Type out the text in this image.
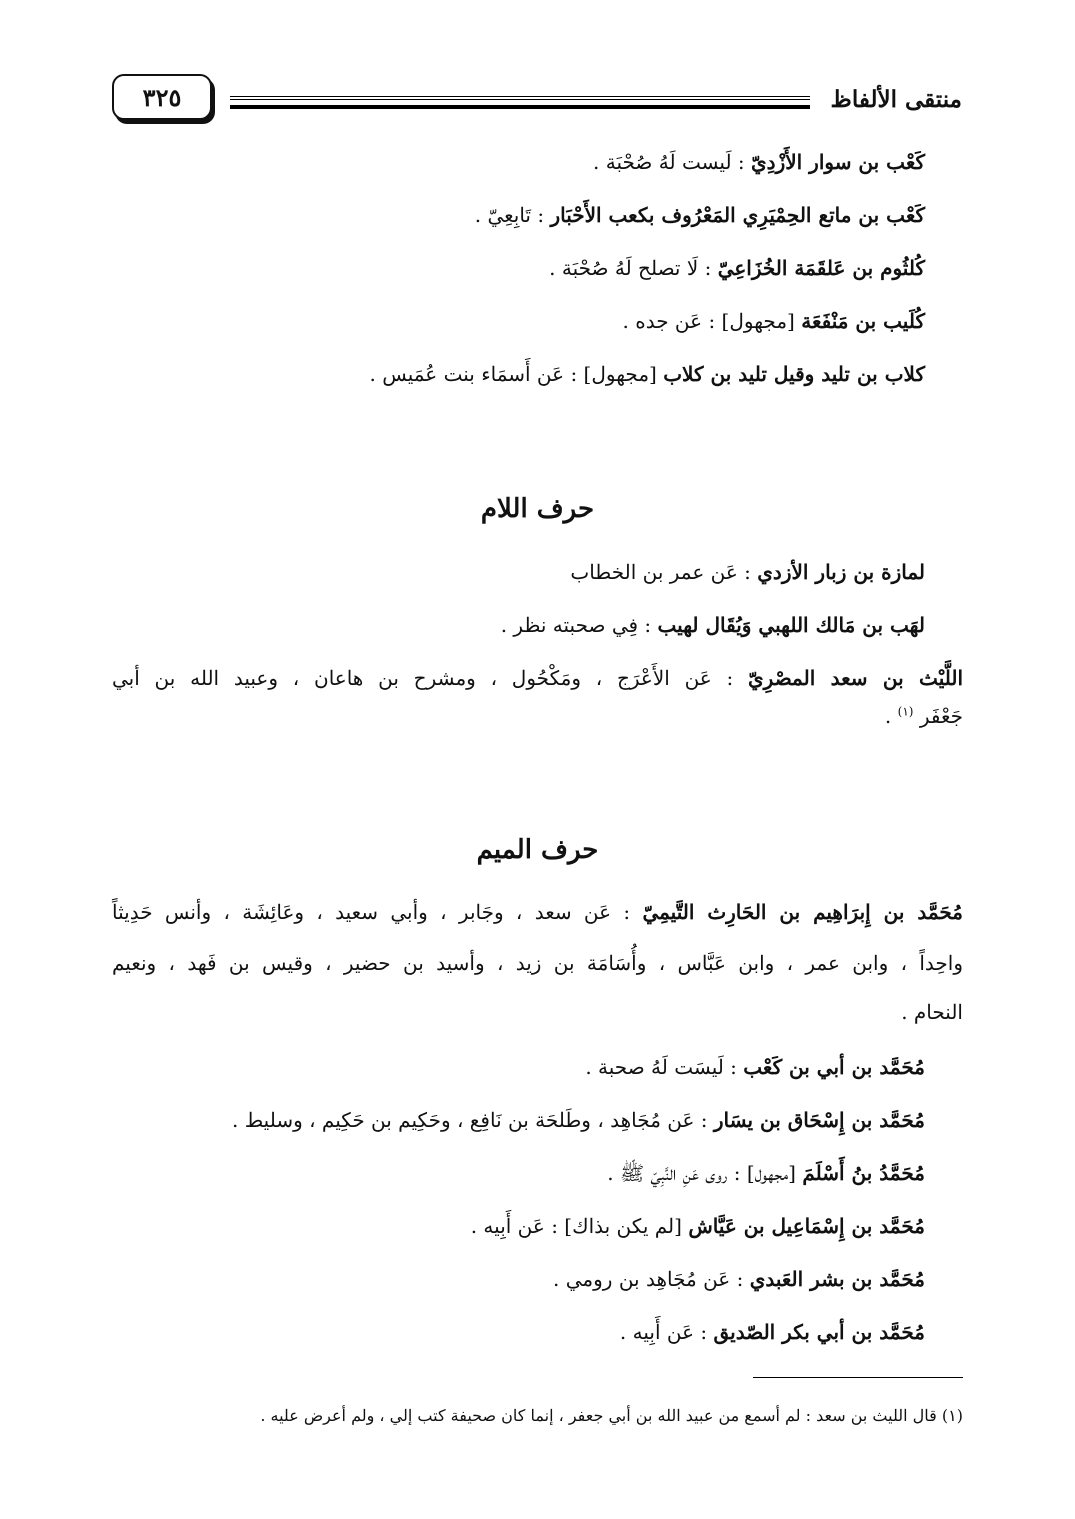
منتقى الألفاظ
٣٢٥
كَعْب بن سوار الأَزْدِيّ : لَيست لَهُ صُحْبَة .
كَعْب بن ماتع الحِمْيَرِي المَعْرُوف بكعب الأَحْبَار : تَابِعِيّ .
كُلثُوم بن عَلقَمَة الخُزَاعِيّ : لَا تصلح لَهُ صُحْبَة .
كُلَيب بن مَنْفَعَة [مجهول] : عَن جده .
كلاب بن تليد وقيل تليد بن كلاب [مجهول] : عَن أَسمَاء بنت عُمَيس .
حرف اللام
لمازة بن زبار الأزدي : عَن عمر بن الخطاب
لهَب بن مَالك اللهبي وَيُقَال لهيب : فِي صحبته نظر .
اللَّيْث بن سعد المصْرِيّ : عَن الأَعْرَج ، ومَكْحُول ، ومشرح بن هاعان ، وعبيد الله بن أبي
جَعْفَر $^{(١)}$ .
حرف الميم
مُحَمَّد بن إِبرَاهِيم بن الحَارِث التَّيمِيّ : عَن سعد ، وجَابر ، وأبي سعيد ، وعَائِشَة ، وأنس حَدِيثاً
واحِداً ، وابن عمر ، وابن عَبَّاس ، وأُسَامَة بن زيد ، وأسيد بن حضير ، وقيس بن فَهد ، ونعيم
النحام .
مُحَمَّد بن أبي بن كَعْب : لَيسَت لَهُ صحبة .
مُحَمَّد بن إِسْحَاق بن يسَار : عَن مُجَاهِد ، وطَلحَة بن نَافِع ، وحَكِيم بن حَكِيم ، وسليط .
مُحَمَّدُ بنُ أَسْلَمَ [مجهول] : روى عَنِ النَّبِيّ ﷺ .
مُحَمَّد بن إِسْمَاعِيل بن عَيَّاش [لم يكن بذاك] : عَن أَبِيه .
مُحَمَّد بن بشر العَبدي : عَن مُجَاهِد بن رومي .
مُحَمَّد بن أبي بكر الصّديق : عَن أَبِيه .
(١) قال الليث بن سعد : لم أسمع من عبيد الله بن أبي جعفر ، إنما كان صحيفة كتب إلي ، ولم أعرض عليه .
